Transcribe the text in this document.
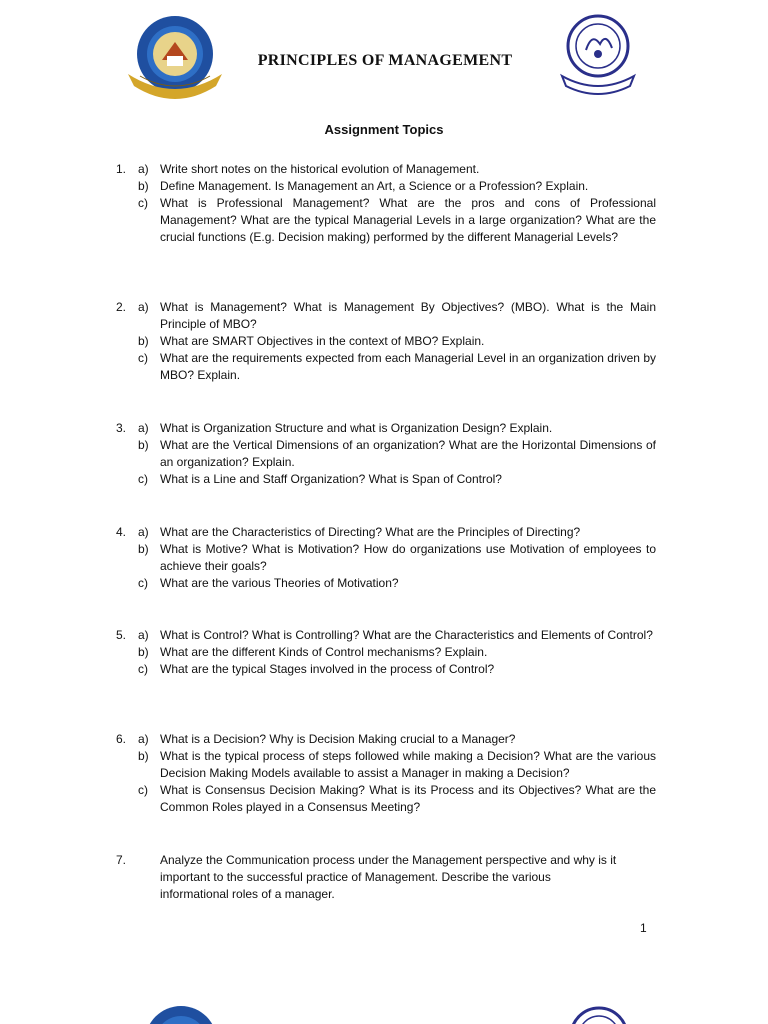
PRINCIPLES OF MANAGEMENT
Assignment Topics
1. a) Write short notes on the historical evolution of Management.
b) Define Management. Is Management an Art, a Science or a Profession? Explain.
c)	What is Professional Management? What are the pros and cons of Professional Management? What are the typical Managerial Levels in a large organization? What are the crucial functions (E.g. Decision making) performed by the different Managerial Levels?
2. a) What is Management? What is Management By Objectives? (MBO). What is the Main Principle of MBO?
b) What are SMART Objectives in the context of MBO? Explain.
c)	What are the requirements expected from each Managerial Level in an organization driven by MBO? Explain.
3. a) What is Organization Structure and what is Organization Design? Explain.
b) What are the Vertical Dimensions of an organization? What are the Horizontal Dimensions of an organization? Explain.
c)	What is a Line and Staff Organization? What is Span of Control?
4. a) What are the Characteristics of Directing? What are the Principles of Directing?
b) What is Motive? What is Motivation? How do organizations use Motivation of employees to achieve their goals?
c)	What are the various Theories of Motivation?
5. a) What is Control? What is Controlling? What are the Characteristics and Elements of Control?
b) What are the different Kinds of Control mechanisms? Explain.
c)	What are the typical Stages involved in the process of Control?
6. a) What is a Decision? Why is Decision Making crucial to a Manager?
b) What is the typical process of steps followed while making a Decision? What are the various Decision Making Models available to assist a Manager in making a Decision?
c)	What is Consensus Decision Making? What is its Process and its Objectives? What are the Common Roles played in a Consensus Meeting?
7.	Analyze the Communication process under the Management perspective and why is it important to the successful practice of Management. Describe the various informational roles of a manager.
1
